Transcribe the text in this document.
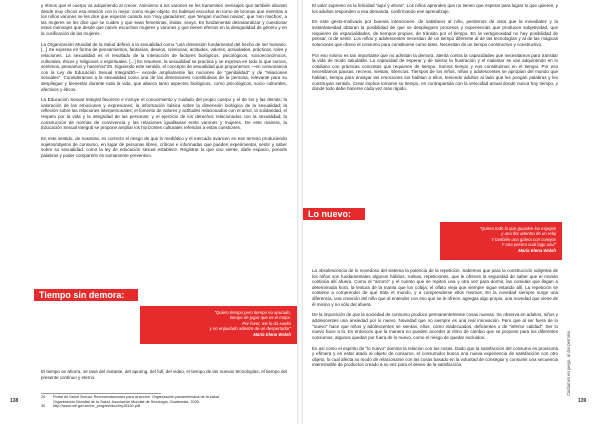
y ritmos que el cuerpo va adquiriendo al crecer. Asimismo a los varones se les transmiten mensajes que también abonan desde muy chicos esa relación con lo mejor, como mujer-objeto. Es habitual escuchar en torno de bromas que mientras a los niños varones se les dice que esperan cuando son 'muy ganadores', que 'tengan muchas novias', que 'son machos', a las mujeres se les dice que se cuiden y que sean femeninas, lindas, sexys. Es fundamental desnaturalizar y cuestionar estos mensajes que desde que nacen escuchan mujeres y varones y que tienen efectos en la desigualdad de género y en la cosificación de las mujeres.

La Organización Mundial de la Salud definió a la sexualidad como "una dimensión fundamental del hecho de ser humano. [...] Se expresa en forma de pensamientos, fantasías, deseos, creencias, actitudes, valores, actividades, prácticas, roles y relaciones. La sexualidad es el resultado de la interacción de factores biológicos, psicológicos, socioeconómicos, culturales, éticos y religiosos o espirituales. [...] En resumen, la sexualidad se practica y se expresa en todo lo que somos, sentimos, pensamos y hacemos"29. Siguiendo este sentido, el concepto de sexualidad que proponemos —en consonancia con la Ley de Educación Sexual Integral30— excede ampliamente las nociones de "genitalidad" y de "relaciones sexuales". Consideramos a la sexualidad como una de las dimensiones constitutivas de la persona, relevante para su despliegue y bienestar durante toda la vida, que abarca tanto aspectos biológicos, como psicológicos, socio culturales, afectivos y éticos.

La Educación Sexual Integral favorece e incluye el conocimiento y cuidado del propio cuerpo y el de los y las demás; la valoración de las emociones y expresiones; la información básica sobre la dimensión biológica de la sexualidad; la reflexión sobre las relaciones interpersonales; el fomento de valores y actitudes relacionados con el amor, la solidaridad, el respeto por la vida y la integridad de las personas; y el ejercicio de los derechos relacionados con la sexualidad; la construcción de normas de convivencia y las relaciones igualitarias entre varones y mujeres. De este manera, la Educación Sexual Integral se propone ampliar los horizontes culturales referidos a estas cuestiones.

En este sentido, de nosotras, es correcto el riesgo de que lo mediático y el mercado avancen en ese terreno produciendo sujetos/objetos de consumo, en lugar de personas libres, críticas e informadas que pueden experimentar, sentir y saber sobre su sexualidad, como la ley de educación sexual establece. Registrar lo que uno siente, darle espacio, ponerle palabras y poder compartirlo es sumamente preventivo.

Tiempo sin demora:
"Quiero tiempo pero tiempo no apurado,
tiempo de jugar que es el mejor.
Por favor, me lo da suelto
y no enjaulado adentro de un despertador"
María Elena Walsh

El tiempo se ahorra, se tasa del instante, del apuring, del full, del video, el tiempo de las nuevas tecnologías, el tiempo del presente continuo y eterno.

29	Portal de Salud Sexual. Recomendaciones para la acción. Organización panamericana de la salud
Organización Mundial de la Salud, Asociación Mundial de Sexología, Guatemala, 2000.
30	http://www.me.gov.ar/me_prog/esi/doc/ley26150.pdf
138

El valor supremo es la felicidad "aquí y ahora". Los niños aprenden que no tienen que esperar para lograr lo que quieren, y los adultos responden a esa demanda, confirmando ese aprendizaje.

En este gesto-motivado por buenas intenciones- de satisfacer al niño, perdemos de vista que la inmediatez y la instantaneidad obturan la posibilidad de que se desplieguen procesos y experiencias que producen subjetividad, que requieren de espacialidades, de tiempos propios, de tránsito por el tiempo. En la vertiginosidad no hay posibilidad de pensar, ni de sentir. Los niños y adolescentes necesitan de un tiempo diferente al de las tecnologías y al de las mágicas soluciones que ofrece el consumo para constituirse como tales. Necesitan de un tiempo constructivo y constructivo.

Por eso mismo es tan importante que no admitan la demora, atenta contra la capacidades que necesitamos para transitar la vida de modo saludable. La capacidad de esperar y de tolerar la frustración y el malestar se van adquiriendo en lo cotidiano con prácticas concretas que requieren de tiempo. Somos tiempo y nos constituimos en el tiempo. Por eso necesitamos pausas, recreos, siestas, silencios. Tiempos de los niños, niñas y adolescentes se apropian del mundo que habitan, tiempo para ensayar las emociones los habitan a ellos, teniendo adultos al lado que les pongan palabras y les construyan sentido. Crear implica tomarse su tiempo, en contrapartida con la velocidad actual donde nunca hay tiempo, y donde todo debe hacerse cada vez más rápido.

Lo nuevo:
"Quiero todo lo que guarden los espejos
y una flor adentro de un reloj
Y también una galera con conejos
Y una pecera cual lago azul"
María Elena Walsh

La obsolescencia de lo novedoso del sistema la potencia de la repetición. Sabemos que para la construcción subjetiva de los niños son fundamentales algunos hábitos, rutinas, repeticiones, que le ofrecen la seguridad de saber que el mundo continúa allí afuera. Como el "arrorró" y el cuento que se repiten una y otra vez para dormir, las comidas que llegan a determinada hora, la textura de la manta que los cobija, el olfato vieja que siempre sigue estando allí. La repetición se contiene a comprender de qué trata el mundo, y a comprenderse ellos mismos. En la novedad siempre surge una diferencia, una creación del niño que al entender con eso que se le ofrece, agregas algo propio, una novedad que viene de él mismo y no sólo del afuera.

De la imposición de que la sociedad de consumo produce permanentemente cosas nuevas. Se observa en adultos, niños y adolescentes una ansiedad por lo nuevo. Novedad que no siempre es una real innovación. Pero que al ser fuera de lo "nuevo" hace que niños y adolescentes se sientan, ellos, como inadecuados, deficientes o de "inferior calidad". Ser lo nuevo hace a lo. Es entonces que la manera no pueden acceder al ritmo de cambio que se propone para los diferentes consumos, algunos quedan por fuera de lo nuevo, como el riesgo de quedar excluidos.

Es así como el espíritu de "lo nuevo" domina la relación con las cosas. Dado que la satisfacción del consumo es provisoria y efímera y en estar atado al objeto de consumo, el consumidor busca una nueva experiencia de satisfacción con otro objeto, lo cual afecta su modo de relacionarse con las cosas basado en la voluntad de conseguir y consumir una secuencia interminable de productos creado a su vez para el deseo de la satisfacción.	Cuidarnos en juego, al dar permiso
139
